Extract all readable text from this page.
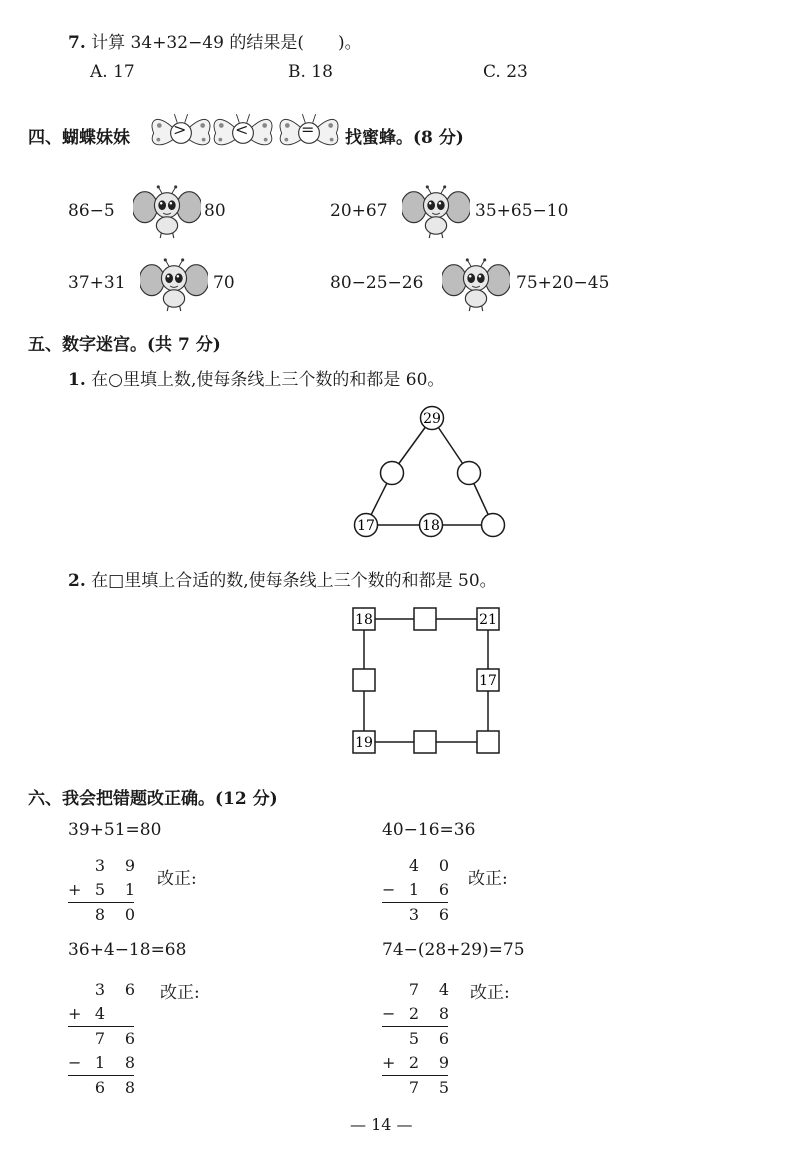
7. 计算 34+32−49 的结果是(　　)。
A. 17	B. 18	C. 23
四、蝴蝶妹妹	>	<	= 找蜜蜂。(8 分)
86−5	80	20+67	35+65−10
37+31	70	80−25−26	75+20−45
五、数字迷宫。(共 7 分)
1. 在○里填上数,使每条线上三个数的和都是 60。
29
17	18
2. 在□里填上合适的数,使每条线上三个数的和都是 50。
18	21
17
19
六、我会把错题改正确。(12 分)
39+51=80	40−16=36
3	9
+ 5	1
8	0
改正:
4	0
− 1	6
3	6
改正:
36+4−18=68	74−(28+29)=75
3	6
+ 4
7	6
− 1	8
6	8
改正:	7	4
− 2	8
5	6
+ 2	9
7	5
改正:
— 14 —
